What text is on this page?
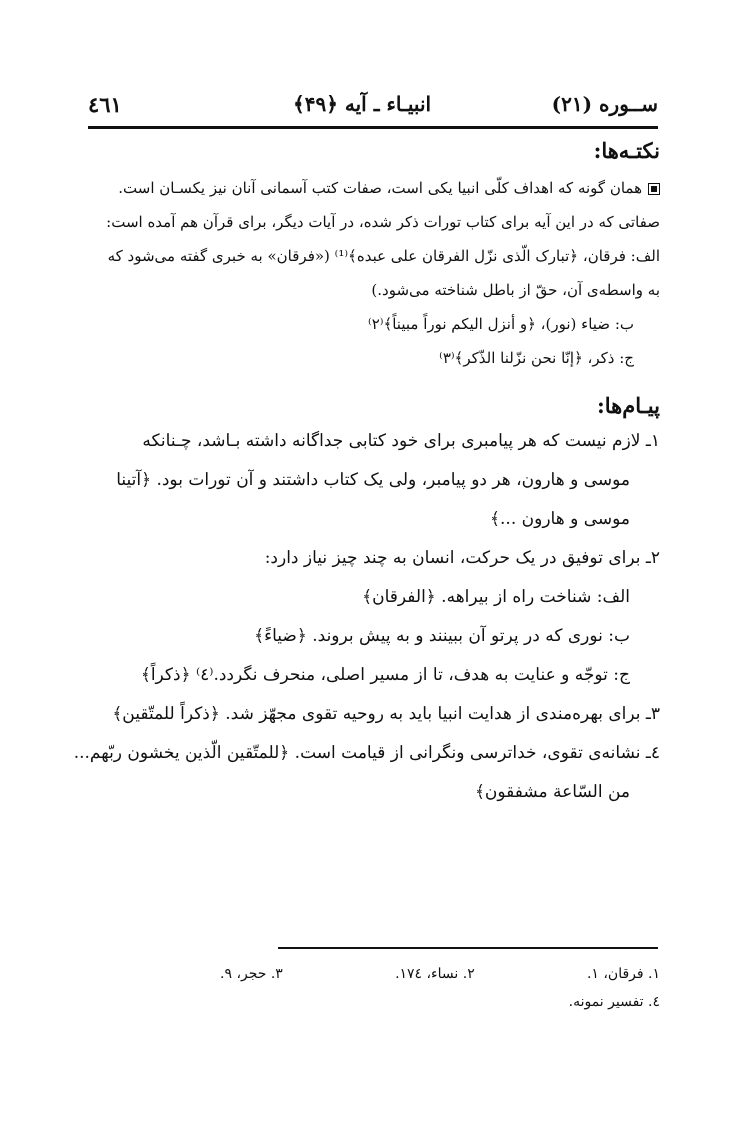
ســوره (۲۱)
انبیـاء ـ آیه ﴿۴۹﴾
٤٦١
نکتـه‌ها:

همان گونه که اهداف کلّی انبیا یکی است، صفات کتب آسمانی آنان نیز یکسـان است.

صفاتی که در این آیه برای کتاب تورات ذکر شده، در آیات دیگر، برای قرآن هم آمده است:

الف: فرقان، ﴿تبارک الّذی نزّل الفرقان علی عبده﴾⁽¹⁾ («فرقان» به خبری گفته می‌شود که

به واسطه‌ی آن، حقّ از باطل شناخته می‌شود.)

ب: ضیاء (نور)، ﴿و أنزل الیکم نوراً مبیناً﴾⁽٢⁾

ج: ذکر، ﴿إنّا نحن نزّلنا الذّکر﴾⁽٣⁾

پیـام‌ها:

۱ـ لازم نیست که هر پیامبری برای خود کتابی جداگانه داشته بـاشد، چـنانکه

موسی و هارون، هر دو پیامبر، ولی یک کتاب داشتند و آن تورات بود. ﴿آتینا

موسی و هارون ...﴾

۲ـ برای توفیق در یک حرکت، انسان به چند چیز نیاز دارد:

الف: شناخت راه از بیراهه. ﴿الفرقان﴾

ب: نوری که در پرتو آن ببینند و به پیش بروند. ﴿ضیاءً﴾

ج: توجّه و عنایت به هدف، تا از مسیر اصلی، منحرف نگردد.⁽٤⁾ ﴿ذکراً﴾

۳ـ برای بهره‌مندی از هدایت انبیا باید به روحیه تقوی مجهّز شد. ﴿ذکراً للمتّقین﴾

٤ـ نشانه‌ی تقوی، خداترسی ونگرانی از قیامت است. ﴿للمتّقین الّذین یخشون ربّهم...

من السّاعة مشفقون﴾

۱. فرقان، ۱.
۲. نساء، ۱۷٤.
۳. حجر، ۹.
٤. تفسیر نمونه.
